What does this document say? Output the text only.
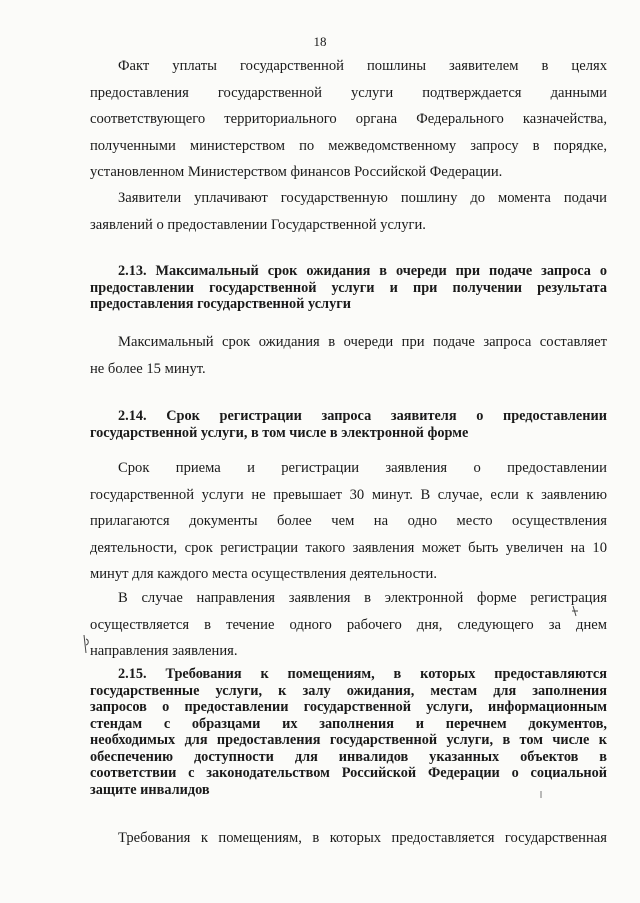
18
Факт уплаты государственной пошлины заявителем в целях
предоставления государственной услуги подтверждается данными
соответствующего территориального органа Федерального казначейства,
полученными министерством по межведомственному запросу в порядке,
установленном Министерством финансов Российской Федерации.
Заявители уплачивают государственную пошлину до момента подачи
заявлений о предоставлении Государственной услуги.
2.13. Максимальный срок ожидания в очереди при подаче запроса о
предоставлении государственной услуги и при получении результата
предоставления государственной услуги
Максимальный срок ожидания в очереди при подаче запроса составляет
не более 15 минут.
2.14. Срок регистрации запроса заявителя о предоставлении
государственной услуги, в том числе в электронной форме
Срок приема и регистрации заявления о предоставлении
государственной услуги не превышает 30 минут. В случае, если к заявлению
прилагаются документы более чем на одно место осуществления
деятельности, срок регистрации такого заявления может быть увеличен на 10
минут для каждого места осуществления деятельности.
В случае направления заявления в электронной форме регистрация
осуществляется в течение одного рабочего дня, следующего за днем
направления заявления.
2.15. Требования к помещениям, в которых предоставляются
государственные услуги, к залу ожидания, местам для заполнения
запросов о предоставлении государственной услуги, информационным
стендам с образцами их заполнения и перечнем документов,
необходимых для предоставления государственной услуги, в том числе к
обеспечению доступности для инвалидов указанных объектов в
соответствии с законодательством Российской Федерации о социальной
защите инвалидов
Требования к помещениям, в которых предоставляется государственная
